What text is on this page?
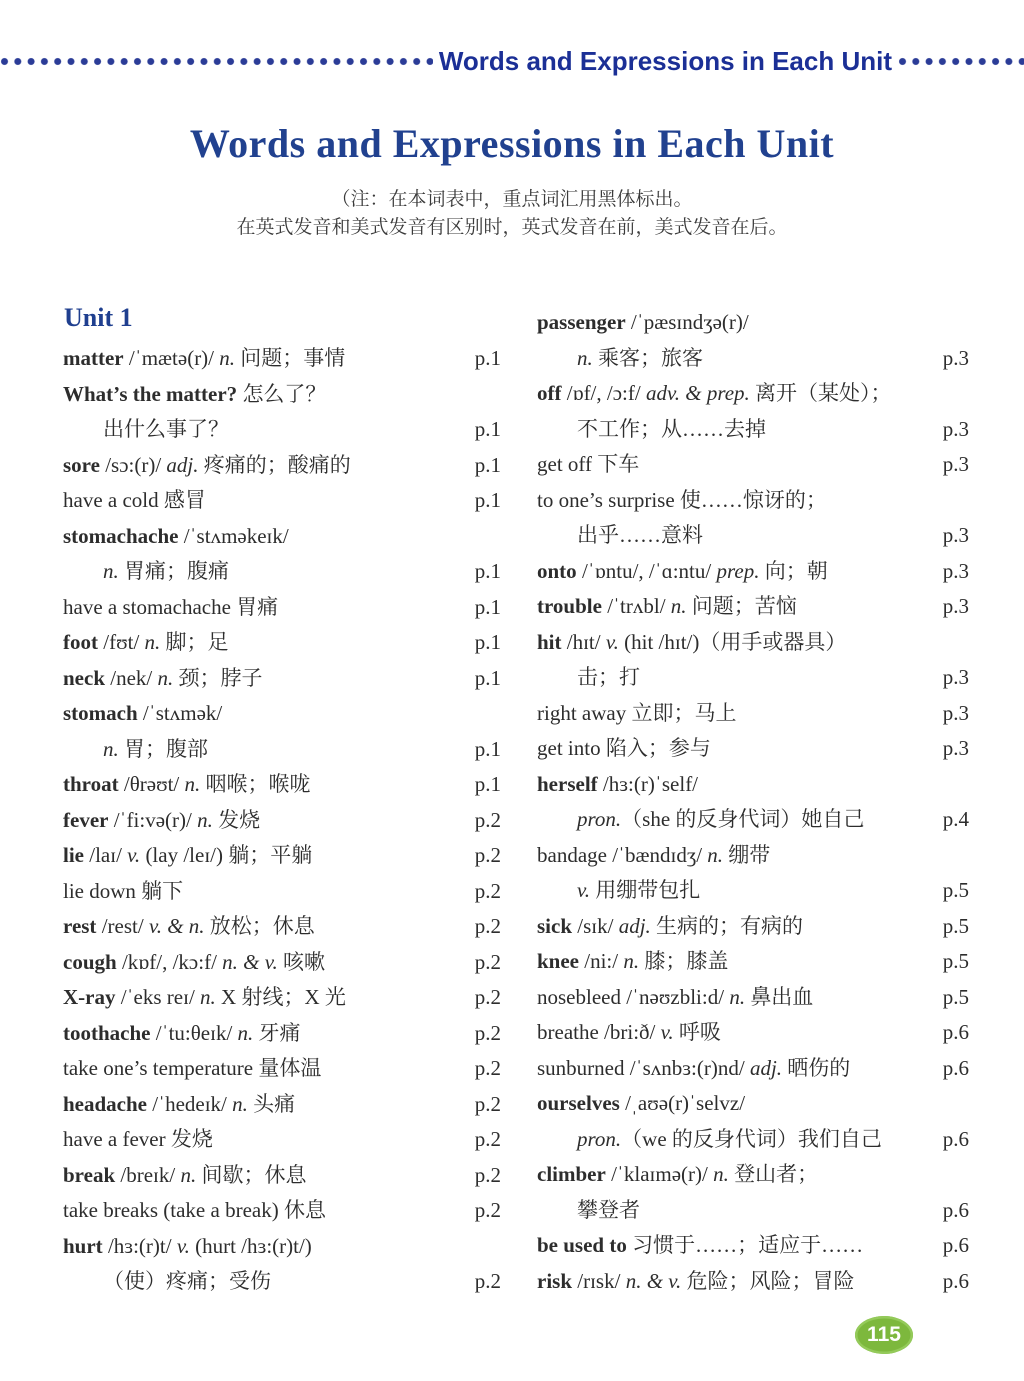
Words and Expressions in Each Unit
Words and Expressions in Each Unit
（注：在本词表中，重点词汇用黑体标出。
在英式发音和美式发音有区别时，英式发音在前，美式发音在后。
Unit 1
matter /ˈmætə(r)/ n. 问题；事情	p.1
What’s the matter? 怎么了？
出什么事了？	p.1
sore /sɔ:(r)/ adj. 疼痛的；酸痛的	p.1
have a cold 感冒	p.1
stomachache /ˈstʌməkeɪk/
n. 胃痛；腹痛	p.1
have a stomachache 胃痛	p.1
foot /fʊt/ n. 脚；足	p.1
neck /nek/ n. 颈；脖子	p.1
stomach /ˈstʌmək/
n. 胃；腹部	p.1
throat /θrəʊt/ n. 咽喉；喉咙	p.1
fever /ˈfi:və(r)/ n. 发烧	p.2
lie /laɪ/ v. (lay /leɪ/) 躺；平躺	p.2
lie down 躺下	p.2
rest /rest/ v. & n. 放松；休息	p.2
cough /kɒf/, /kɔ:f/ n. & v. 咳嗽	p.2
X-ray /ˈeks reɪ/ n. X 射线；X 光	p.2
toothache /ˈtu:θeɪk/ n. 牙痛	p.2
take one’s temperature 量体温	p.2
headache /ˈhedeɪk/ n. 头痛	p.2
have a fever 发烧	p.2
break /breɪk/ n. 间歇；休息	p.2
take breaks (take a break) 休息	p.2
hurt /hɜ:(r)t/ v. (hurt /hɜ:(r)t/)
（使）疼痛；受伤	p.2
passenger /ˈpæsɪndʒə(r)/
n. 乘客；旅客	p.3
off /ɒf/, /ɔ:f/ adv. & prep. 离开（某处）；
不工作；从……去掉	p.3
get off 下车	p.3
to one’s surprise 使……惊讶的；
出乎……意料	p.3
onto /ˈɒntu/, /ˈɑ:ntu/ prep. 向；朝	p.3
trouble /ˈtrʌbl/ n. 问题；苦恼	p.3
hit /hɪt/ v. (hit /hɪt/)（用手或器具）
击；打	p.3
right away 立即；马上	p.3
get into 陷入；参与	p.3
herself /hɜ:(r)ˈself/
pron.（she 的反身代词）她自己	p.4
bandage /ˈbændɪdʒ/ n. 绷带
v. 用绷带包扎	p.5
sick /sɪk/ adj. 生病的；有病的	p.5
knee /ni:/ n. 膝；膝盖	p.5
nosebleed /ˈnəʊzbli:d/ n. 鼻出血	p.5
breathe /bri:ð/ v. 呼吸	p.6
sunburned /ˈsʌnbɜ:(r)nd/ adj. 晒伤的	p.6
ourselves /ˌaʊə(r)ˈselvz/
pron.（we 的反身代词）我们自己	p.6
climber /ˈklaɪmə(r)/ n. 登山者；
攀登者	p.6
be used to 习惯于……；适应于……	p.6
risk /rɪsk/ n. & v. 危险；风险；冒险	p.6
115
